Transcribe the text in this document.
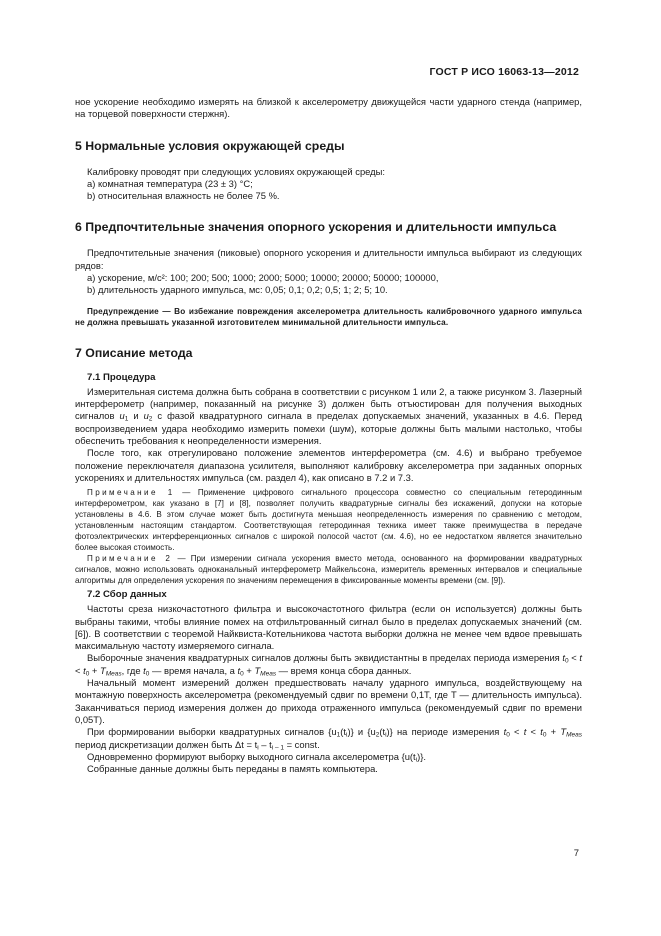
ГОСТ Р ИСО 16063-13—2012

ное ускорение необходимо измерять на близкой к акселерометру движущейся части ударного стенда (например, на торцевой поверхности стержня).

5 Нормальные условия окружающей среды

Калибровку проводят при следующих условиях окружающей среды:

a) комнатная температура (23 ± 3) °С;

b) относительная влажность не более 75 %.

6 Предпочтительные значения опорного ускорения и длительности импульса

Предпочтительные значения (пиковые) опорного ускорения и длительности импульса выбирают из следующих рядов:

a) ускорение, м/с²: 100; 200; 500; 1000; 2000; 5000; 10000; 20000; 50000; 100000,

b) длительность ударного импульса, мс: 0,05; 0,1; 0,2; 0,5; 1; 2; 5; 10.

Предупреждение — Во избежание повреждения акселерометра длительность калибровочного ударного импульса не должна превышать указанной изготовителем минимальной длительности импульса.

7 Описание метода
7.1 Процедура

Измерительная система должна быть собрана в соответствии с рисунком 1 или 2, а также рисунком 3. Лазерный интерферометр (например, показанный на рисунке 3) должен быть отъюстирован для получения выходных сигналов $u_1$ и $u_2$ с фазой квадратурного сигнала в пределах допускаемых значений, указанных в 4.6. Перед воспроизведением удара необходимо измерить помехи (шум), которые должны быть малыми настолько, чтобы обеспечить требования к неопределенности измерения.

После того, как отрегулировано положение элементов интерферометра (см. 4.6) и выбрано требуемое положение переключателя диапазона усилителя, выполняют калибровку акселерометра при заданных опорных ускорениях и длительностях импульса (см. раздел 4), как описано в 7.2 и 7.3.

Примечание 1 — Применение цифрового сигнального процессора совместно со специальным гетеродинным интерферометром, как указано в [7] и [8], позволяет получить квадратурные сигналы без искажений, допуски на которые установлены в 4.6. В этом случае может быть достигнута меньшая неопределенность измерения по сравнению с методом, установленным настоящим стандартом. Соответствующая гетеродинная техника имеет также преимущества в передаче фотоэлектрических интерференционных сигналов с широкой полосой частот (см. 4.6), но ее недостатком является значительно более высокая стоимость.

Примечание 2 — При измерении сигнала ускорения вместо метода, основанного на формировании квадратурных сигналов, можно использовать одноканальный интерферометр Майкельсона, измеритель временных интервалов и специальные алгоритмы для определения ускорения по значениям перемещения в фиксированные моменты времени (см. [9]).

7.2 Сбор данных

Частоты среза низкочастотного фильтра и высокочастотного фильтра (если он используется) должны быть выбраны такими, чтобы влияние помех на отфильтрованный сигнал было в пределах допускаемых значений (см. [6]). В соответствии с теоремой Найквиста-Котельникова частота выборки должна не менее чем вдвое превышать максимальную частоту измеряемого сигнала.

Выборочные значения квадратурных сигналов должны быть эквидистантны в пределах периода измерения $t_0 < t < t_0 + T_{Meas}$, где $t_0$ — время начала, а $t_0 + T_{Meas}$ — время конца сбора данных.

Начальный момент измерений должен предшествовать началу ударного импульса, воздействующему на монтажную поверхность акселерометра (рекомендуемый сдвиг по времени 0,1T, где T — длительность импульса). Заканчиваться период измерения должен до прихода отраженного импульса (рекомендуемый сдвиг по времени 0,05T).

При формировании выборки квадратурных сигналов $\{u_1(t_i)\}$ и $\{u_2(t_i)\}$ на периоде измерения $t_0 < t < t_0 + T_{Meas}$ период дискретизации должен быть $\Delta t = t_i - t_{i - 1}$ = const.

Одновременно формируют выборку выходного сигнала акселерометра $\{u(t_i)\}$.

Собранные данные должны быть переданы в память компьютера.

7
